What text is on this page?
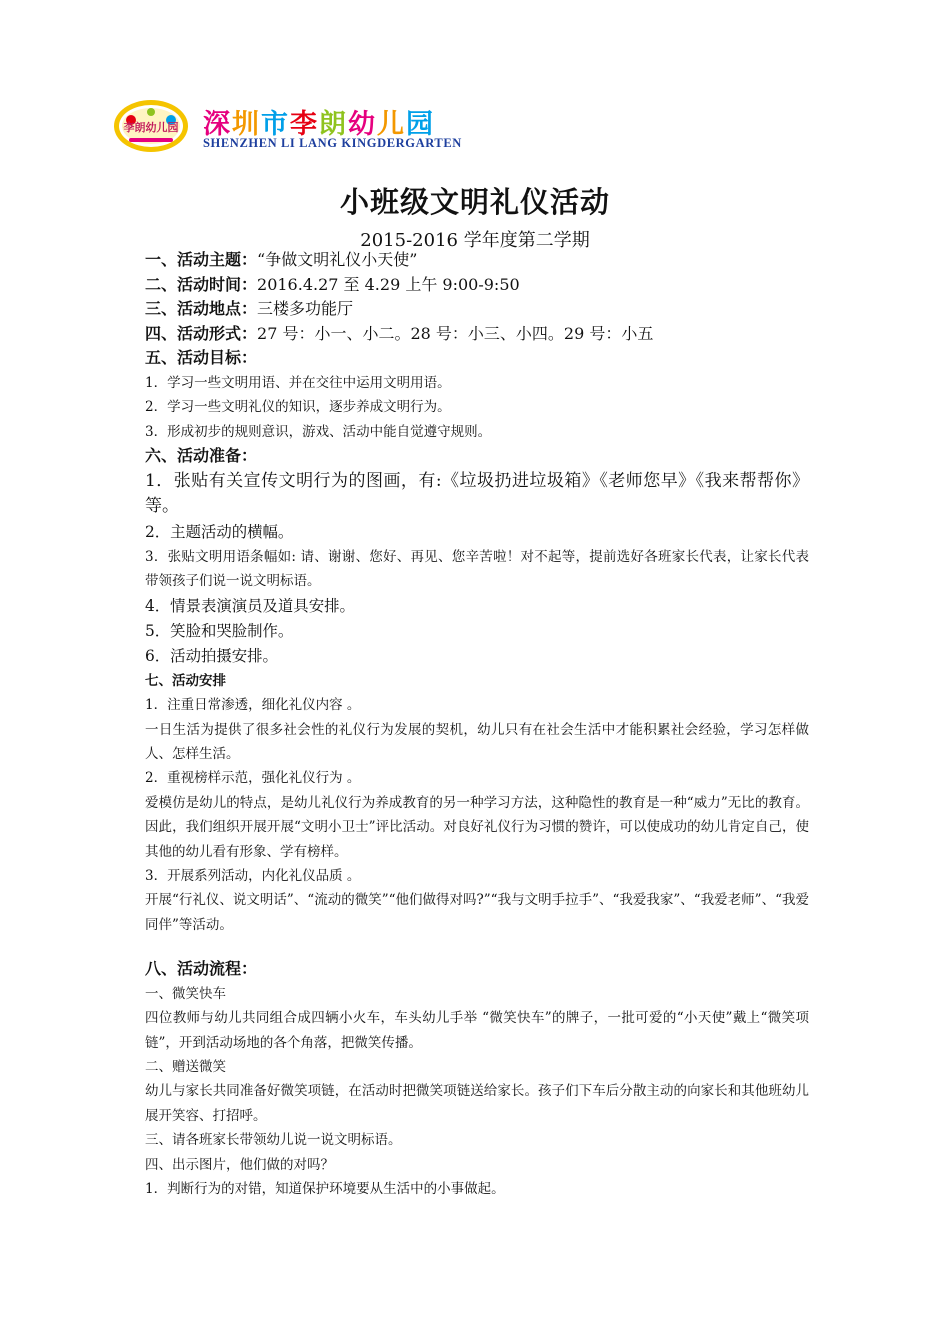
李朗幼儿园 深圳市李朗幼儿园
SHENZHEN LI LANG KINGDERGARTEN
小班级文明礼仪活动
2015-2016 学年度第二学期
一、活动主题：“争做文明礼仪小天使”
二、活动时间：2016.4.27 至 4.29 上午 9:00-9:50
三、活动地点：三楼多功能厅
四、活动形式：27 号：小一、小二。28 号：小三、小四。29 号：小五
五、活动目标：
1．学习一些文明用语、并在交往中运用文明用语。
2．学习一些文明礼仪的知识，逐步养成文明行为。
3．形成初步的规则意识，游戏、活动中能自觉遵守规则。
六、活动准备：
1．张贴有关宣传文明行为的图画，有:《垃圾扔进垃圾箱》《老师您早》《我来帮帮你》等。
2．主题活动的横幅。
3．张贴文明用语条幅如: 请、谢谢、您好、再见、您辛苦啦！对不起等，提前选好各班家长代表，让家长代表带领孩子们说一说文明标语。
4．情景表演演员及道具安排。
5．笑脸和哭脸制作。
6．活动拍摄安排。
七、活动安排
1．注重日常渗透，细化礼仪内容 。
一日生活为提供了很多社会性的礼仪行为发展的契机，幼儿只有在社会生活中才能积累社会经验，学习怎样做人、怎样生活。
2．重视榜样示范，强化礼仪行为 。
爱模仿是幼儿的特点，是幼儿礼仪行为养成教育的另一种学习方法，这种隐性的教育是一种“威力”无比的教育。因此，我们组织开展开展“文明小卫士”评比活动。对良好礼仪行为习惯的赞许，可以使成功的幼儿肯定自己，使其他的幼儿看有形象、学有榜样。
3．开展系列活动，内化礼仪品质 。
开展“行礼仪、说文明话”、“流动的微笑”“他们做得对吗?”“我与文明手拉手”、“我爱我家”、“我爱老师”、“我爱同伴”等活动。
八、活动流程：
一、微笑快车
四位教师与幼儿共同组合成四辆小火车，车头幼儿手举 “微笑快车”的牌子，一批可爱的“小天使”戴上“微笑项链”，开到活动场地的各个角落，把微笑传播。
二、赠送微笑
幼儿与家长共同准备好微笑项链，在活动时把微笑项链送给家长。孩子们下车后分散主动的向家长和其他班幼儿展开笑容、打招呼。
三、请各班家长带领幼儿说一说文明标语。
四、出示图片，他们做的对吗？
1．判断行为的对错，知道保护环境要从生活中的小事做起。
